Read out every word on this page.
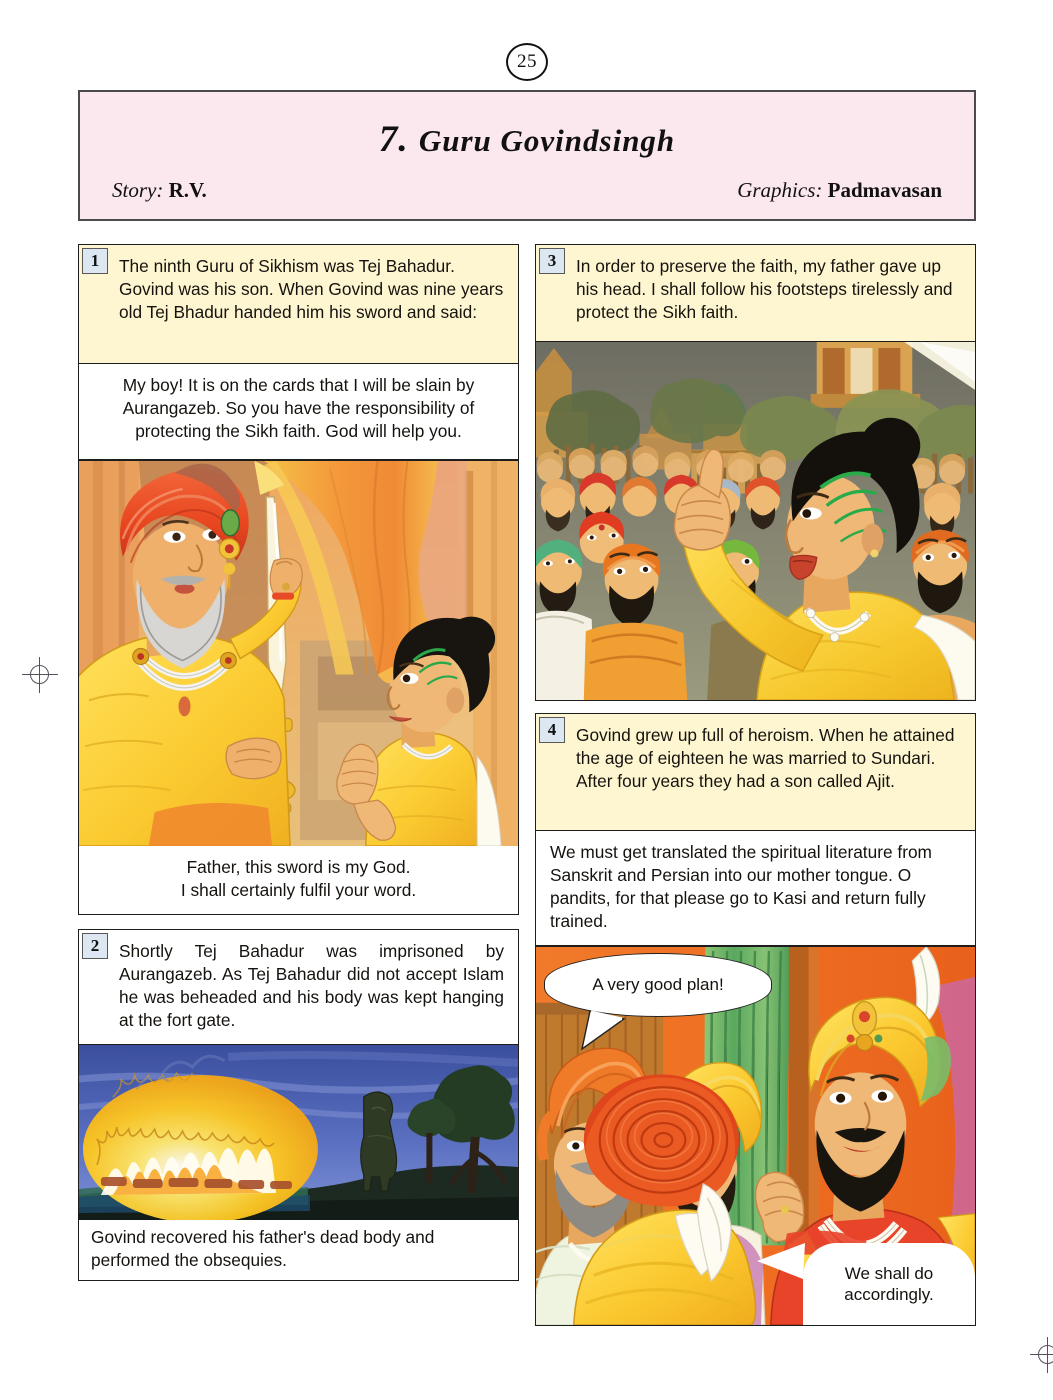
25
7. Guru Govindsingh
Story: R.V.	Graphics: Padmavasan
1	The ninth Guru of Sikhism was Tej Bahadur. Govind was his son. When Govind was nine years old Tej Bhadur handed him his sword and said:

My boy! It is on the cards that I will be slain by Aurangazeb. So you have the responsibility of protecting the Sikh faith. God will help you.

Father, this sword is my God.

I shall certainly fulfil your word.

2	Shortly Tej Bahadur was imprisoned by Aurangazeb. As Tej Bahadur did not accept Islam he was beheaded and his body was kept hanging at the fort gate.

Govind recovered his father's dead body and

performed the obsequies.

3	In order to preserve the faith, my father gave up his head. I shall follow his footsteps tirelessly and protect the Sikh faith.

4	Govind grew up full of heroism. When he attained the age of eighteen he was married to Sundari. After four years they had a son called Ajit.

We must get translated the spiritual literature from Sanskrit and Persian into our mother tongue. O pandits, for that please go to Kasi and return fully trained.

A very good plan!
We shall do
accordingly.
